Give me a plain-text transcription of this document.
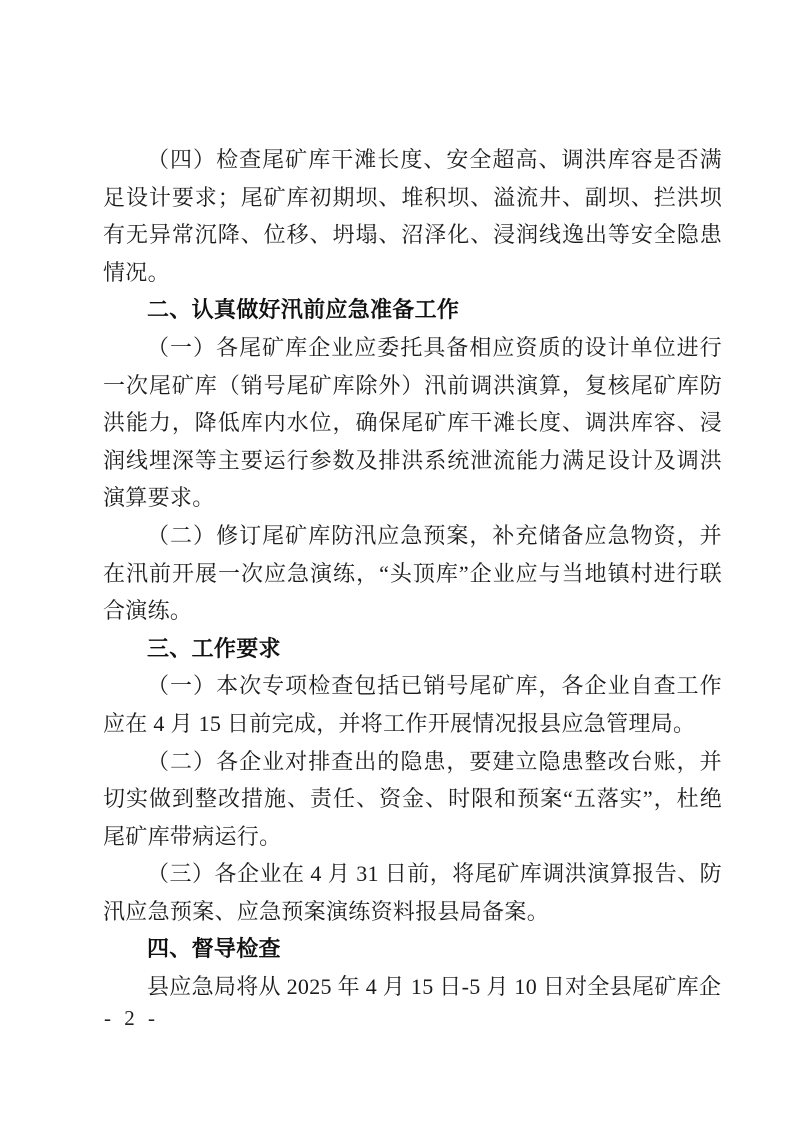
（四）检查尾矿库干滩长度、安全超高、调洪库容是否满足设计要求；尾矿库初期坝、堆积坝、溢流井、副坝、拦洪坝有无异常沉降、位移、坍塌、沼泽化、浸润线逸出等安全隐患情况。

二、认真做好汛前应急准备工作

（一）各尾矿库企业应委托具备相应资质的设计单位进行一次尾矿库（销号尾矿库除外）汛前调洪演算，复核尾矿库防洪能力，降低库内水位，确保尾矿库干滩长度、调洪库容、浸润线埋深等主要运行参数及排洪系统泄流能力满足设计及调洪演算要求。

（二）修订尾矿库防汛应急预案，补充储备应急物资，并在汛前开展一次应急演练，“头顶库”企业应与当地镇村进行联合演练。

三、工作要求

（一）本次专项检查包括已销号尾矿库，各企业自查工作应在 4 月 15 日前完成，并将工作开展情况报县应急管理局。

（二）各企业对排查出的隐患，要建立隐患整改台账，并切实做到整改措施、责任、资金、时限和预案“五落实”，杜绝尾矿库带病运行。

（三）各企业在 4 月 31 日前，将尾矿库调洪演算报告、防汛应急预案、应急预案演练资料报县局备案。

四、督导检查

县应急局将从 2025 年 4 月 15 日-5 月 10 日对全县尾矿库企

- 2 -
